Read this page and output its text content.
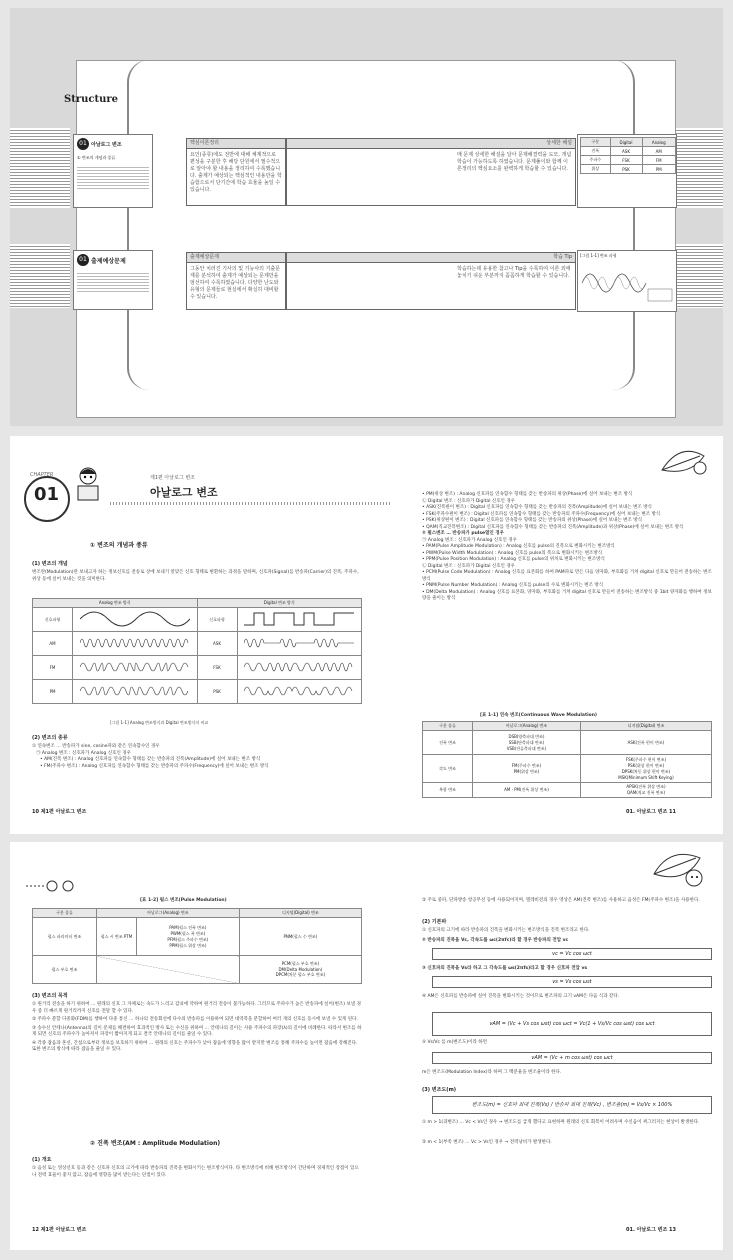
Structure
01 아날로그 변조
① 변조의 개념과 종류
핵심이론정리
요인(종류)에도 전반에 대해 체계적으로 편성을 구분한 후 해당 단원에서 필수적으로 알아야 할 내용을 정리하여 수록했습니다. 출제가 예상되는 핵심적인 내용만을 학습함으로서 단기간에 학습 효율을 높일 수 있습니다.
상세한 해설
매 문제 상세한 해설을 달아 문제해결력을 도모, 개념학습이 가능하도록 하였습니다. 문제풀이와 함께 이론정리의 핵심요소를 완벽하게 학습할 수 있습니다.
구분	Digital	Analog
진폭	ASK	AM
주파수	FSK	FM
위상	PSK	PM
01 출제예상문제
출제예상문제
그동안 치러진 기사의 및 기능사의 기출문제를 분석하여 출제가 예상되는 문제만을 엄선하여 수록하였습니다. 다양한 난도와 유형의 문제들로 현실에서 확실히 대비할 수 있습니다.
학습 Tip
학습하는데 유용한 참고나 Tip을 수록하여 이론 외에 놓치기 쉬운 부분까지 꼼꼼하게 학습할 수 있습니다.
[그림 1-1] 변조 파형
CHAPTER
01
제1편 아날로그 변조
아날로그 변조
① 변조의 개념과 종류
(1) 변조의 개념
변조란(Modulation)란 보내고자 하는 정보신호를 전송로 상에 보내기 알맞은 신호 형태로 변환하는 과정을 말하며, 신호파(Signal)를 반송파(Carrier)의 진폭, 주파수, 위상 등에 실어 보내는 것을 의미한다.
Analog 변조 방식		Digital 변조 방식	
신호파형		신호파형	
AM		ASK	
FM		FSK	
PM		PSK	
[그림 1-1] Analog 변조방식과 Digital 변조방식의 비교
(2) 변조의 종류
① 연속변조 … 반송파가 sine, cosine파와 같은 연속함수인 경우
㉠ Analog 변조 : 신호파가 Analog 신호인 경우
• AM(진폭 변조) : Analog 신호파를 연속함수 형태를 갖는 반송파의 진폭(Amplitude)에 실어 보내는 변조 방식
• FM(주파수 변조) : Analog 신호파를 연속함수 형태를 갖는 반송파의 주파수(Frequency)에 실어 보내는 변조 방식
• PM(위상 변조) : Analog 신호파를 연속함수 형태를 갖는 반송파의 위상(Phase)에 실어 보내는 변조 방식
㉡ Digital 변조 : 신호파가 Digital 신호인 경우
• ASK(진폭편이 변조) : Digital 신호파를 연속함수 형태를 갖는 반송파의 진폭(Amplitude)에 실어 보내는 변조 방식
• FSK(주파수편이 변조) : Digital 신호파를 연속함수 형태를 갖는 반송파의 주파수(Frequency)에 실어 보내는 변조 방식
• PSK(위상편이 변조) : Digital 신호파를 연속함수 형태를 갖는 반송파의 위상(Phase)에 실어 보내는 변조 방식
• QAM(직교진폭변조) : Digital 신호파를 연속함수 형태를 갖는 반송파의 진폭(Amplitude)과 위상(Phase)에 실어 보내는 변조 방식
② 펄스변조 … 반송파가 pulse열인 경우
㉠ Analog 변조 : 신호파가 Analog 신호인 경우
• PAM(Pulse Amplitude Modulation) : Analog 신호를 pulse의 진폭으로 변화시키는 변조방식
• PWM(Pulse Width Modulation) : Analog 신호를 pulse의 폭으로 변화시키는 변조방식
• PPM(Pulse Position Modulation) : Analog 신호를 pulse의 위치로 변화시키는 변조방식
㉡ Digital 변조 : 신호파가 Digital 신호인 경우
• PCM(Pulse Code Modulation) : Analog 신호를 표본화를 하여 PAM파로 만든 다음 양자화, 부호화를 거쳐 digital 신호로 만들어 전송하는 변조방식
• PNM(Pulse Number Modulation) : Analog 신호를 pulse의 수로 변화시키는 변조 방식
• DM(Delta Modulation) : Analog 신호를 표본화, 양자화, 부호화를 거쳐 digital 신호로 만들어 전송하는 변조방식 중 1bit 양자화를 행하여 정보량을 줄이는 방식
[표 1-1] 연속 변조(Continuous Wave Modulation)
구분 종류	아날로그(Analog) 변조	디지털(Digital) 변조
진폭 변조	DSB(양측파대 변조)
SSB(단측파대 변조)
VSB(잔류측파대 변조)	ASK(진폭 편이 변조)
각도 변조	FM(주파수 변조)
PM(위상 변조)	FSK(주파수 편이 변조)
PSK(위상 편이 변조)
DPSK(차동 위상 편이 변조)
MSK(Minimum Shift Keying)
복합 변조	AM · PM(진폭 위상 변조)	APSK(진폭 위상 변조)
QAM(직교 진폭 변조)
10 제1편 아날로그 변조	01. 아날로그 변조 11
[표 1-2] 펄스 변조(Pulse Modulation)
구분 종류	아날로그(Analog) 변조		디지털(Digital) 변조
펄스 파라미터 변조	펄스 시 변조 PTM	PAM(펄스 진폭 변조)
PWM(펄스 폭 변조)
PFM(펄스 주파수 변조)
PPM(펄스 위상 변조)	PNM(펄스 수 변조)
펄스 부호 변조			PCM(펄스 부호 변조)
DM(Delta Modulation)
DPCM(차분 펄스 부호 변조)
(3) 변조의 목적
① 원거리 전송을 하기 위하여 … 원래의 신호 그 자체로는 속도가 느리고 감쇠에 약하여 원거리 전송이 불가능하다. 그러므로 주파수가 높은 반송파에 실어(변조) 보낼 경우 좀 더 빠르게 원거리까지 신호를 전달 할 수 있다.
② 주파수 분할 다중화(FDM)를 행하여 다중 통신 … 하나의 전송회선에 다수의 반송파를 이용하여 되면 대역폭을 분할하여 여러 개의 신호를 동시에 보낼 수 있게 된다.
③ 송수신 안테나(Antenna)의 길이 문제를 해결하여 효과적인 방사 또는 수신을 위하여 … 안테나의 길이는 사용 주파수의 파장(λ)의 길이에 비례한다. 따라서 변조를 하게 되면 신호의 주파수가 높아져서 파장이 짧아지게 되고 결국 안테나의 길이를 줄일 수 있다.
④ 각종 잡음과 혼선, 간섭으로부터 정보를 보호하기 위하여 … 원래의 신호는 주파수가 낮아 잡음에 영향을 많이 받지만 변조를 통해 주파수를 높이면 잡음에 강해진다. 또한 변조의 방식에 따라 잡음을 줄일 수 있다.
② 진폭 변조(AM : Amplitude Modulation)
(1) 개요
① 음성 또는 영상신호 등과 같은 신호파 신호의 크기에 따라 반송파의 진폭을 변화시키는 변조방식이다. 타 변조방식에 비해 변조방식이 간단하며 경제적인 장점이 있으나 전력 효율이 좋지 않고, 잡음에 영향을 많이 받는다는 단점이 있다.
② 주로 중파, 단파방송 항공무선 등에 사용되어지며, 텔레비전의 경우 영상은 AM(진폭 변조)를 사용하고 음성은 FM(주파수 변조)을 사용한다.
(2) 기본파
① 신호파의 크기에 따라 반송파의 진폭을 변화시키는 변조방식을 진폭 변조라고 한다.
② 반송파의 진폭을 Vc, 각속도를 ωc(2πfc)라 할 경우 반송파의 전압 vc
vc = Vc cos ωct
③ 신호파의 진폭을 Vs라 하고 그 각속도를 ωs(2πfs)라고 할 경우 신호파 전압 vs
vs = Vs cos ωst
④ AM은 신호파를 반송파에 실어 진폭을 변화시키는 것이므로 변조파의 크기 vAM은 다음 식과 같다.
vAM = (Vc + Vs cos ωst) cos ωct = Vc(1 + Vs/Vc cos ωst) cos ωct
⑤ Vs/Vc 를 m(변조도)이라 하면
vAM = (Vc + m cos ωst) cos ωct
m은 변조도(Modulation Index)라 하며 그 백분율을 변조율이라 한다.
(3) 변조도(m)
변조도(m) = 신호파 최대 진폭(Vs) / 반송파 최대 진폭(Vc) , 변조율(m) = Vs/Vc × 100%
① m > 1(과변조) … Vc < Vs인 경우 → 변조도를 급게 했다고 표현하며 원래의 신호 회복이 어려우며 수신음이 찌그러지는 현상이 발생한다.
② m < 1(부족 변조) … Vc > Vs인 경우 → 전력낭비가 발생한다.
12 제1편 아날로그 변조	01. 아날로그 변조 13
